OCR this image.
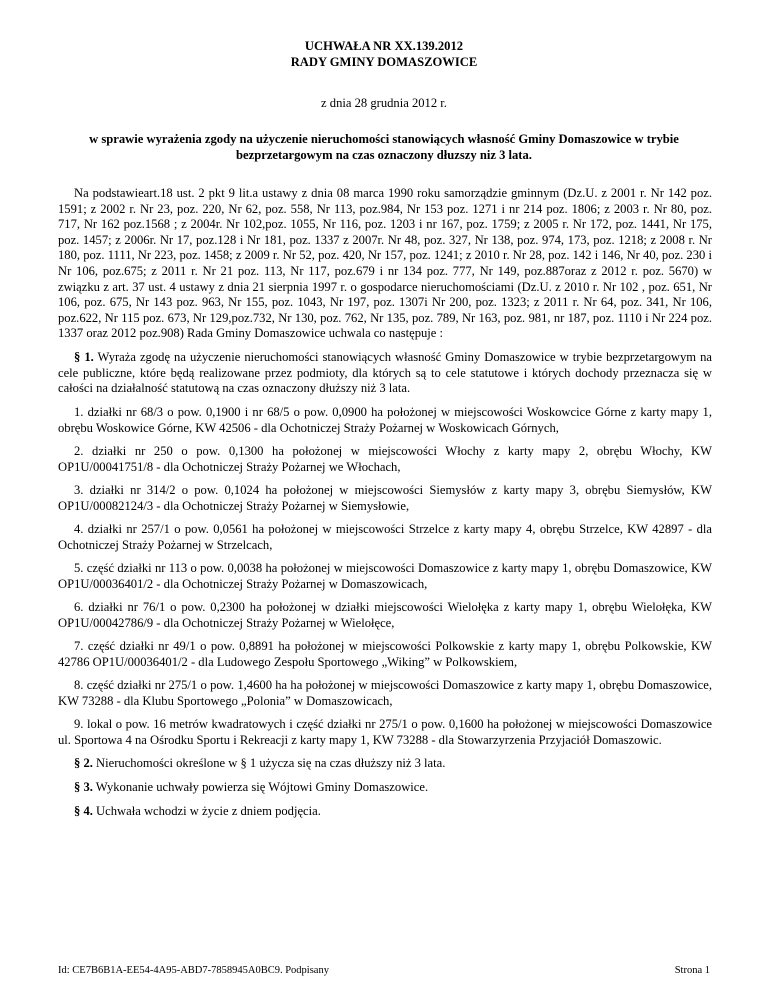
UCHWAŁA NR XX.139.2012
RADY GMINY DOMASZOWICE
z dnia 28 grudnia 2012 r.
w sprawie wyrażenia zgody na użyczenie nieruchomości stanowiących własność Gminy Domaszowice w trybie bezprzetargowym na czas oznaczony dłuzszy niz 3 lata.

Na podstawieart.18 ust. 2 pkt 9 lit.a ustawy z dnia 08 marca 1990 roku samorządzie gminnym (Dz.U. z 2001 r. Nr 142 poz. 1591; z 2002 r. Nr 23, poz. 220, Nr 62, poz. 558, Nr 113, poz.984, Nr 153 poz. 1271 i nr 214 poz. 1806; z 2003 r. Nr 80, poz. 717, Nr 162 poz.1568 ; z 2004r. Nr 102,poz. 1055, Nr 116, poz. 1203 i nr 167, poz. 1759; z 2005 r. Nr 172, poz. 1441, Nr 175, poz. 1457; z 2006r. Nr 17, poz.128 i Nr 181, poz. 1337 z 2007r. Nr 48, poz. 327, Nr 138, poz. 974, 173, poz. 1218; z 2008 r. Nr 180, poz. 1111, Nr 223, poz. 1458; z 2009 r. Nr 52, poz. 420, Nr 157, poz. 1241; z 2010 r. Nr 28, poz. 142 i 146, Nr 40, poz. 230 i Nr 106, poz.675; z 2011 r. Nr 21 poz. 113, Nr 117, poz.679 i nr 134 poz. 777, Nr 149, poz.887oraz z 2012 r. poz. 5670) w związku z art. 37 ust. 4 ustawy z dnia 21 sierpnia 1997 r. o gospodarce nieruchomościami (Dz.U. z 2010 r. Nr 102 , poz. 651, Nr 106, poz. 675, Nr 143 poz. 963, Nr 155, poz. 1043, Nr 197, poz. 1307i Nr 200, poz. 1323; z 2011 r. Nr 64, poz. 341, Nr 106, poz.622, Nr 115 poz. 673, Nr 129,poz.732, Nr 130, poz. 762, Nr 135, poz. 789, Nr 163, poz. 981, nr 187, poz. 1110 i Nr 224 poz. 1337 oraz 2012 poz.908) Rada Gminy Domaszowice uchwala co następuje :

§ 1. Wyraża zgodę na użyczenie nieruchomości stanowiących własność Gminy Domaszowice w trybie bezprzetargowym na cele publiczne, które będą realizowane przez podmioty, dla których są to cele statutowe i których dochody przeznacza się w całości na działalność statutową na czas oznaczony dłuższy niż 3 lata.

1. działki nr 68/3 o pow. 0,1900 i nr 68/5 o pow. 0,0900 ha położonej w miejscowości Woskowcice Górne z karty mapy 1, obrębu Woskowice Górne, KW 42506 - dla Ochotniczej Straży Pożarnej w Woskowicach Górnych,

2. działki nr 250 o pow. 0,1300 ha położonej w miejscowości Włochy z karty mapy 2, obrębu Włochy, KW OP1U/00041751/8 - dla Ochotniczej Straży Pożarnej we Włochach,

3. działki nr 314/2 o pow. 0,1024 ha położonej w miejscowości Siemysłów z karty mapy 3, obrębu Siemysłów, KW OP1U/00082124/3 - dla Ochotniczej Straży Pożarnej w Siemysłowie,

4. działki nr 257/1 o pow. 0,0561 ha położonej w miejscowości Strzelce z karty mapy 4, obrębu Strzelce, KW 42897 - dla Ochotniczej Straży Pożarnej w Strzelcach,

5. część działki nr 113 o pow. 0,0038 ha położonej w miejscowości Domaszowice z karty mapy 1, obrębu Domaszowice, KW OP1U/00036401/2 - dla Ochotniczej Straży Pożarnej w Domaszowicach,

6. działki nr 76/1 o pow. 0,2300 ha położonej w działki miejscowości Wielołęka z karty mapy 1, obrębu Wielołęka, KW OP1U/00042786/9 - dla Ochotniczej Straży Pożarnej w Wielołęce,

7. część działki nr 49/1 o pow. 0,8891 ha położonej w miejscowości Polkowskie z karty mapy 1, obrębu Polkowskie, KW 42786 OP1U/00036401/2 - dla Ludowego Zespołu Sportowego „Wiking” w Polkowskiem,

8. część działki nr 275/1 o pow. 1,4600 ha ha położonej w miejscowości Domaszowice z karty mapy 1, obrębu Domaszowice, KW 73288 - dla Klubu Sportowego „Polonia” w Domaszowicach,

9. lokal o pow. 16 metrów kwadratowych i część działki nr 275/1 o pow. 0,1600 ha położonej w miejscowości Domaszowice ul. Sportowa 4 na Ośrodku Sportu i Rekreacji z karty mapy 1, KW 73288 - dla Stowarzyrzenia Przyjaciół Domaszowic.

§ 2. Nieruchomości określone w § 1 użycza się na czas dłuższy niż 3 lata.

§ 3. Wykonanie uchwały powierza się Wójtowi Gminy Domaszowice.

§ 4. Uchwała wchodzi w życie z dniem podjęcia.

Id: CE7B6B1A-EE54-4A95-ABD7-7858945A0BC9. Podpisany	Strona 1
